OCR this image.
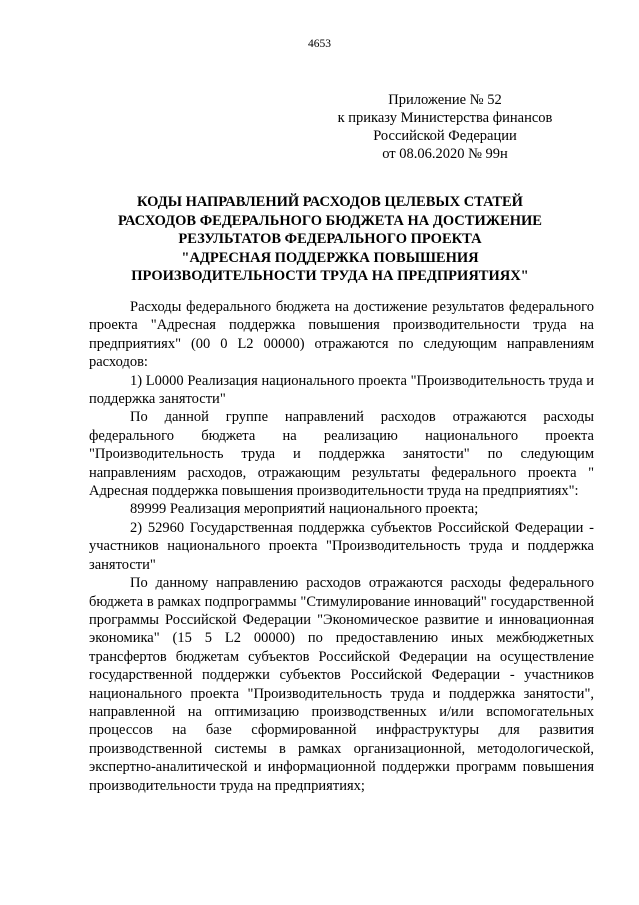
4653
Приложение № 52
к приказу Министерства финансов
Российской Федерации
от 08.06.2020 № 99н
КОДЫ НАПРАВЛЕНИЙ РАСХОДОВ ЦЕЛЕВЫХ СТАТЕЙ
РАСХОДОВ ФЕДЕРАЛЬНОГО БЮДЖЕТА НА ДОСТИЖЕНИЕ
РЕЗУЛЬТАТОВ ФЕДЕРАЛЬНОГО ПРОЕКТА
"АДРЕСНАЯ ПОДДЕРЖКА ПОВЫШЕНИЯ
ПРОИЗВОДИТЕЛЬНОСТИ ТРУДА НА ПРЕДПРИЯТИЯХ"

Расходы федерального бюджета на достижение результатов федерального проекта "Адресная поддержка повышения производительности труда на предприятиях" (00 0 L2 00000) отражаются по следующим направлениям расходов:

1) L0000 Реализация национального проекта "Производительность труда и поддержка занятости"

По данной группе направлений расходов отражаются расходы федерального бюджета на реализацию национального проекта "Производительность труда и поддержка занятости" по следующим направлениям расходов, отражающим результаты федерального проекта " Адресная поддержка повышения производительности труда на предприятиях":

89999 Реализация мероприятий национального проекта;

2) 52960 Государственная поддержка субъектов Российской Федерации - участников национального проекта "Производительность труда и поддержка занятости"

По данному направлению расходов отражаются расходы федерального бюджета в рамках подпрограммы "Стимулирование инноваций" государственной программы Российской Федерации "Экономическое развитие и инновационная экономика" (15 5 L2 00000) по предоставлению иных межбюджетных трансфертов бюджетам субъектов Российской Федерации на осуществление государственной поддержки субъектов Российской Федерации - участников национального проекта "Производительность труда и поддержка занятости", направленной на оптимизацию производственных и/или вспомогательных процессов на базе сформированной инфраструктуры для развития производственной системы в рамках организационной, методологической, экспертно-аналитической и информационной поддержки программ повышения производительности труда на предприятиях;
